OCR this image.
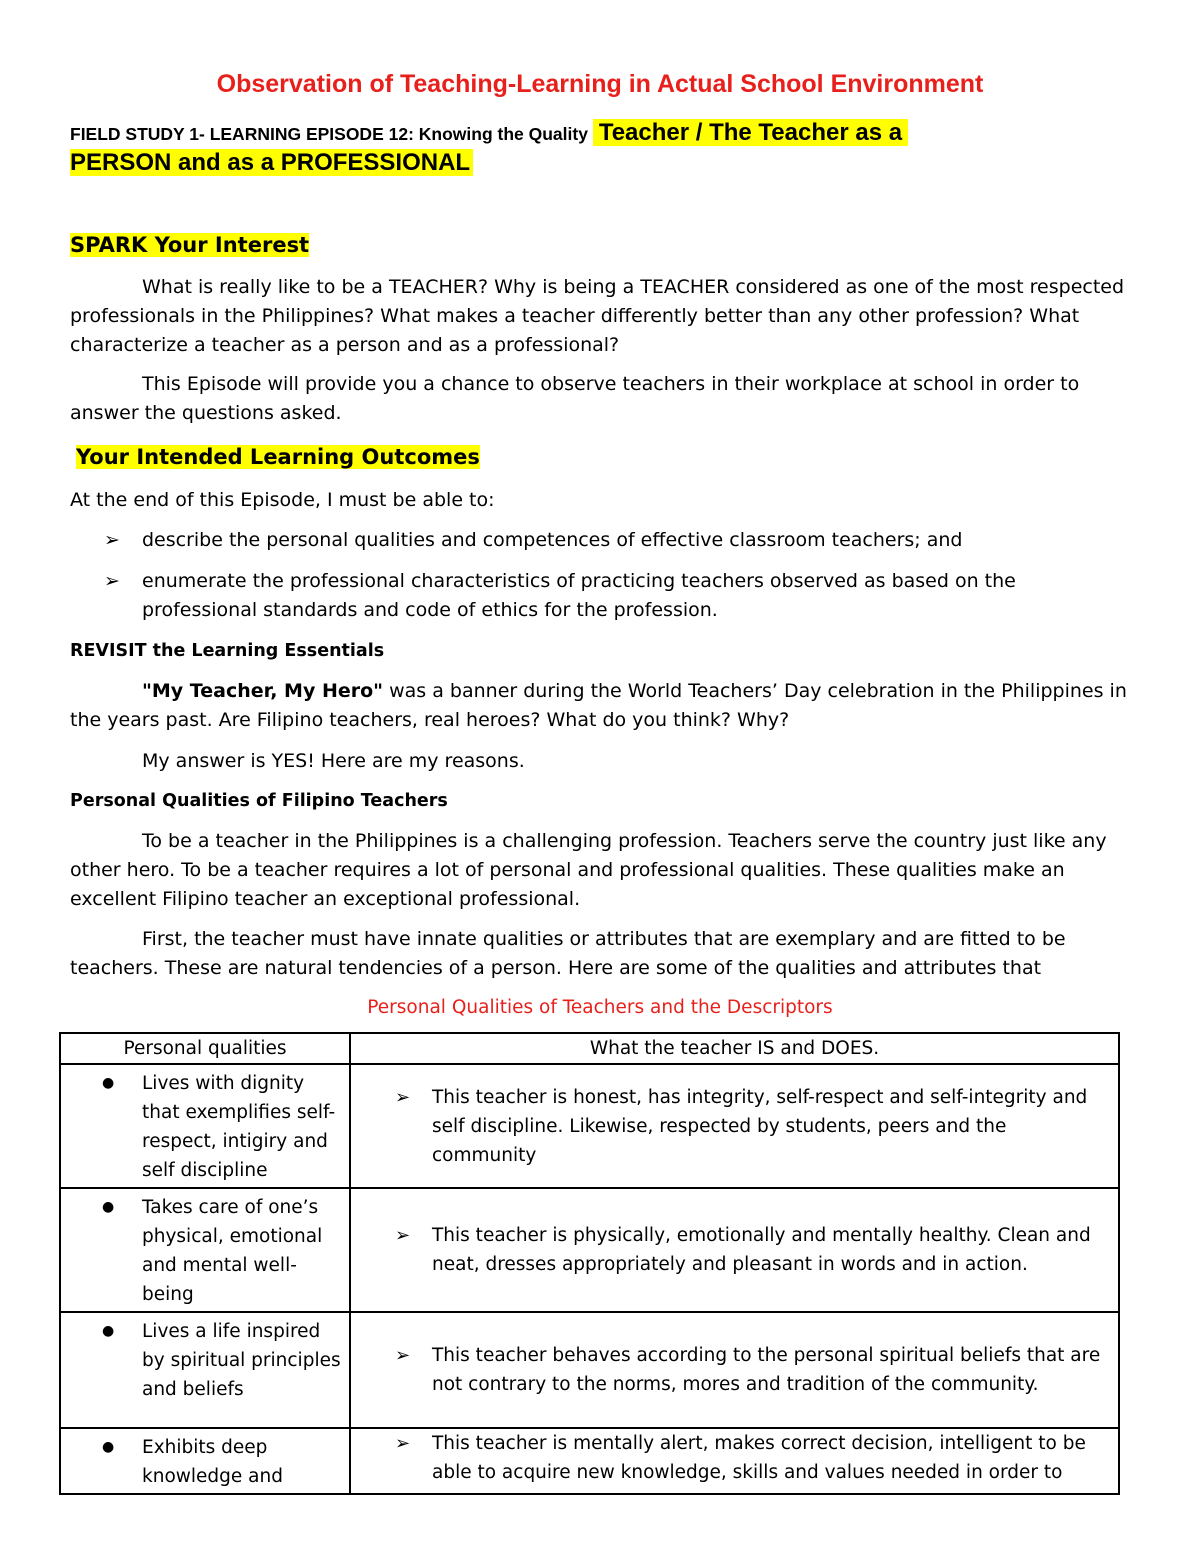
Observation of Teaching-Learning in Actual School Environment
FIELD STUDY 1- LEARNING EPISODE 12: Knowing the Quality Teacher / The Teacher as a
PERSON and as a PROFESSIONAL
SPARK Your Interest
What is really like to be a TEACHER? Why is being a TEACHER considered as one of the most respected professionals in the Philippines? What makes a teacher differently better than any other profession? What characterize a teacher as a person and as a professional?
This Episode will provide you a chance to observe teachers in their workplace at school in order to answer the questions asked.
Your Intended Learning Outcomes
At the end of this Episode, I must be able to:
➢ describe the personal qualities and competences of effective classroom teachers; and
➢ enumerate the professional characteristics of practicing teachers observed as based on the professional standards and code of ethics for the profession.
REVISIT the Learning Essentials
"My Teacher, My Hero" was a banner during the World Teachers’ Day celebration in the Philippines in the years past. Are Filipino teachers, real heroes? What do you think? Why?
My answer is YES! Here are my reasons.
Personal Qualities of Filipino Teachers
To be a teacher in the Philippines is a challenging profession. Teachers serve the country just like any other hero. To be a teacher requires a lot of personal and professional qualities. These qualities make an excellent Filipino teacher an exceptional professional.
First, the teacher must have innate qualities or attributes that are exemplary and are fitted to be teachers. These are natural tendencies of a person. Here are some of the qualities and attributes that
Personal Qualities of Teachers and the Descriptors
Personal qualities	What the teacher IS and DOES.

● Lives with dignity that exemplifies self-respect, intigiry and self discipline	➢ This teacher is honest, has integrity, self-respect and self-integrity and self discipline. Likewise, respected by students, peers and the community

● Takes care of one’s physical, emotional and mental well-being	➢ This teacher is physically, emotionally and mentally healthy. Clean and neat, dresses appropriately and pleasant in words and in action.

● Lives a life inspired by spiritual principles and beliefs	➢ This teacher behaves according to the personal spiritual beliefs that are not contrary to the norms, mores and tradition of the community.

● Exhibits deep knowledge and	➢ This teacher is mentally alert, makes correct decision, intelligent to be able to acquire new knowledge, skills and values needed in order to
